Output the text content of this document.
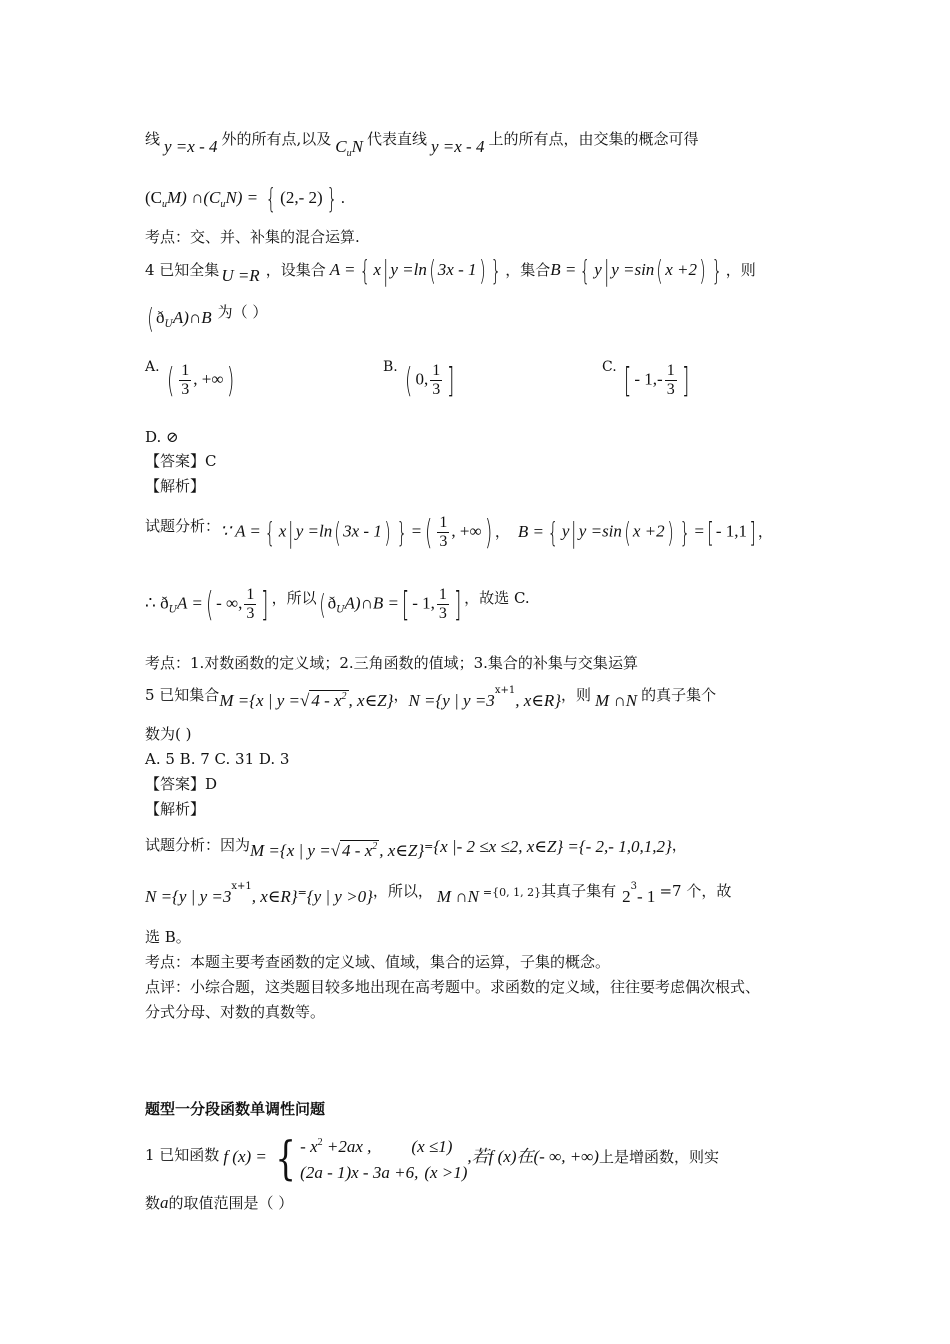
线 y =x - 4 外的所有点,以及 $C_uN$ 代表直线 y =x - 4 上的所有点，由交集的概念可得
$(C_uM)$ $\cap(C_uN)$ = { (2,- 2) } .
考点：交、并、补集的混合运算.
4 已知全集 U =R ，设集合 A = { x| y =ln( 3x - 1) } ，集合B = { y| y =sin( x +2) } ，则
( $ð_UA)\cap B$ 为（ ）
A. ( $\frac{1}{3}$ , +∞)	B. ( 0, $\frac{1}{3}$ ]	C. [ - $1,- \frac{1}{3}$ ]
D. ⊘
【答案】C
【解析】
试题分析：∵ A = { x| y =ln( 3x - 1) } =( $\frac{1}{3}$ , +∞) ， B = { y| y =sin( x +2) } =[ - 1,1] ，
∴ $ð_UA$ =( - ∞, $\frac{1}{3}$ ] ，所以( $ð_UA)\cap B$ =[ - 1, $\frac{1}{3}$ ] ，故选 C.
考点：1.对数函数的定义域；2.三角函数的值域；3.集合的补集与交集运算
5 已知集合M ={x | y =√ $4 - x^2$ , x∈Z}，N ={y | $y =3^{x+1}$, x∈R}，则 M ∩N 的真子集个
数为( )
A. 5 B. 7 C. 31 D. 3
【答案】D
【解析】
试题分析：因为M ={x | y =√ $4 - x^2$ , x∈Z}={x |- 2 ≤x ≤2, x∈Z} ={- 2,- 1,0,1,2}，
N ={y | $y =3^{x+1}$, x∈R}={y | y >0}，所以， M ∩N ={0, 1, 2}其真子集有 $2^3-$ 1 =7 个，故
选 B。
考点：本题主要考查函数的定义域、值域，集合的运算，子集的概念。
点评：小综合题，这类题目较多地出现在高考题中。求函数的定义域，往往要考虑偶次根式、
分式分母、对数的真数等。
题型一分段函数单调性问题
1 已知函数 f (x) = { - $x^2 +2ax$ , (x ≤1)
(2a - 1)x - 3a +6, (x >1)
,若f (x)在(- ∞, +∞)上是增函数，则实
数a的取值范围是（ ）
